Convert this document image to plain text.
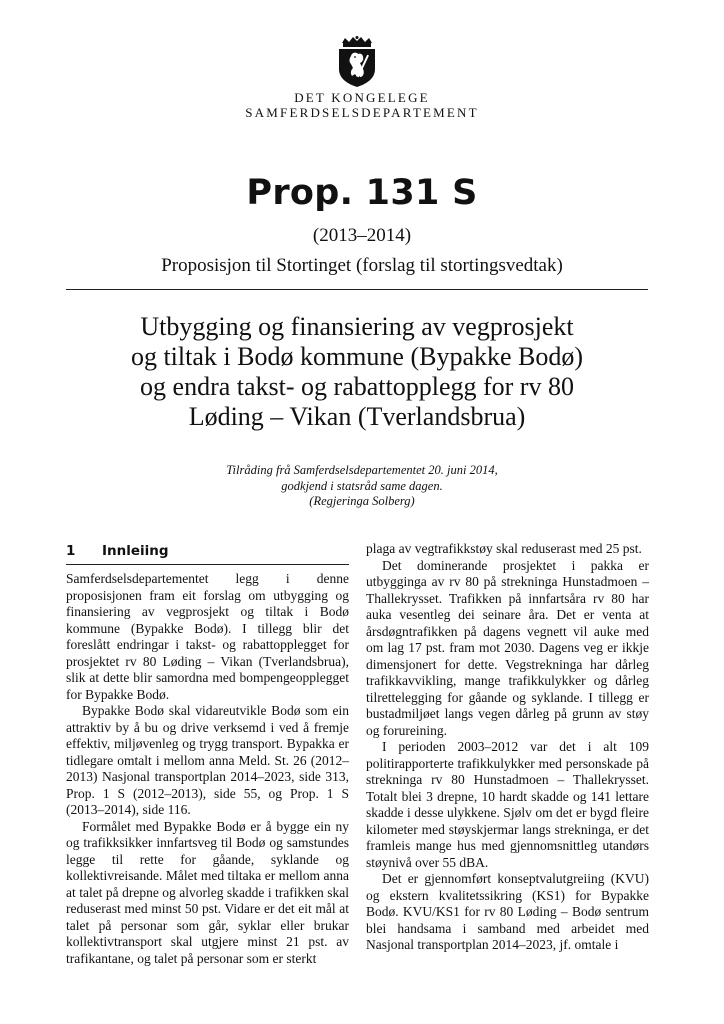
DET KONGELEGE
SAMFERDSELSDEPARTEMENT
Prop. 131 S
(2013–2014)
Proposisjon til Stortinget (forslag til stortingsvedtak)
Utbygging og finansiering av vegprosjekt
og tiltak i Bodø kommune (Bypakke Bodø)
og endra takst- og rabattopplegg for rv 80
Løding – Vikan (Tverlandsbrua)
Tilråding frå Samferdselsdepartementet 20. juni 2014,
godkjend i statsråd same dagen.
(Regjeringa Solberg)
1 Innleiing

Samferdselsdepartementet legg i denne proposisjonen fram eit forslag om utbygging og finansiering av vegprosjekt og tiltak i Bodø kommune (Bypakke Bodø). I tillegg blir det foreslått endringar i takst- og rabattopplegget for prosjektet rv 80 Løding – Vikan (Tverlandsbrua), slik at dette blir samordna med bompengeopplegget for Bypakke Bodø.

Bypakke Bodø skal vidareutvikle Bodø som ein attraktiv by å bu og drive verksemd i ved å fremje effektiv, miljøvenleg og trygg transport. Bypakka er tidlegare omtalt i mellom anna Meld. St. 26 (2012–2013) Nasjonal transportplan 2014–2023, side 313, Prop. 1 S (2012–2013), side 55, og Prop. 1 S (2013–2014), side 116.

Formålet med Bypakke Bodø er å bygge ein ny og trafikksikker innfartsveg til Bodø og samstundes legge til rette for gåande, syklande og kollektivreisande. Målet med tiltaka er mellom anna at talet på drepne og alvorleg skadde i trafikken skal reduserast med minst 50 pst. Vidare er det eit mål at talet på personar som går, syklar eller brukar kollektivtransport skal utgjere minst 21 pst. av trafikantane, og talet på personar som er sterkt

plaga av vegtrafikkstøy skal reduserast med 25 pst.

Det dominerande prosjektet i pakka er utbygginga av rv 80 på strekninga Hunstadmoen – Thallekrysset. Trafikken på innfartsåra rv 80 har auka vesentleg dei seinare åra. Det er venta at årsdøgntrafikken på dagens vegnett vil auke med om lag 17 pst. fram mot 2030. Dagens veg er ikkje dimensjonert for dette. Vegstrekninga har dårleg trafikkavvikling, mange trafikkulykker og dårleg tilrettelegging for gåande og syklande. I tillegg er bustadmiljøet langs vegen dårleg på grunn av støy og forureining.

I perioden 2003–2012 var det i alt 109 politirapporterte trafikkulykker med personskade på strekninga rv 80 Hunstadmoen – Thallekrysset. Totalt blei 3 drepne, 10 hardt skadde og 141 lettare skadde i desse ulykkene. Sjølv om det er bygd fleire kilometer med støyskjermar langs strekninga, er det framleis mange hus med gjennomsnittleg utandørs støynivå over 55 dBA.

Det er gjennomført konseptvalutgreiing (KVU) og ekstern kvalitetssikring (KS1) for Bypakke Bodø. KVU/KS1 for rv 80 Løding – Bodø sentrum blei handsama i samband med arbeidet med Nasjonal transportplan 2014–2023, jf. omtale i
